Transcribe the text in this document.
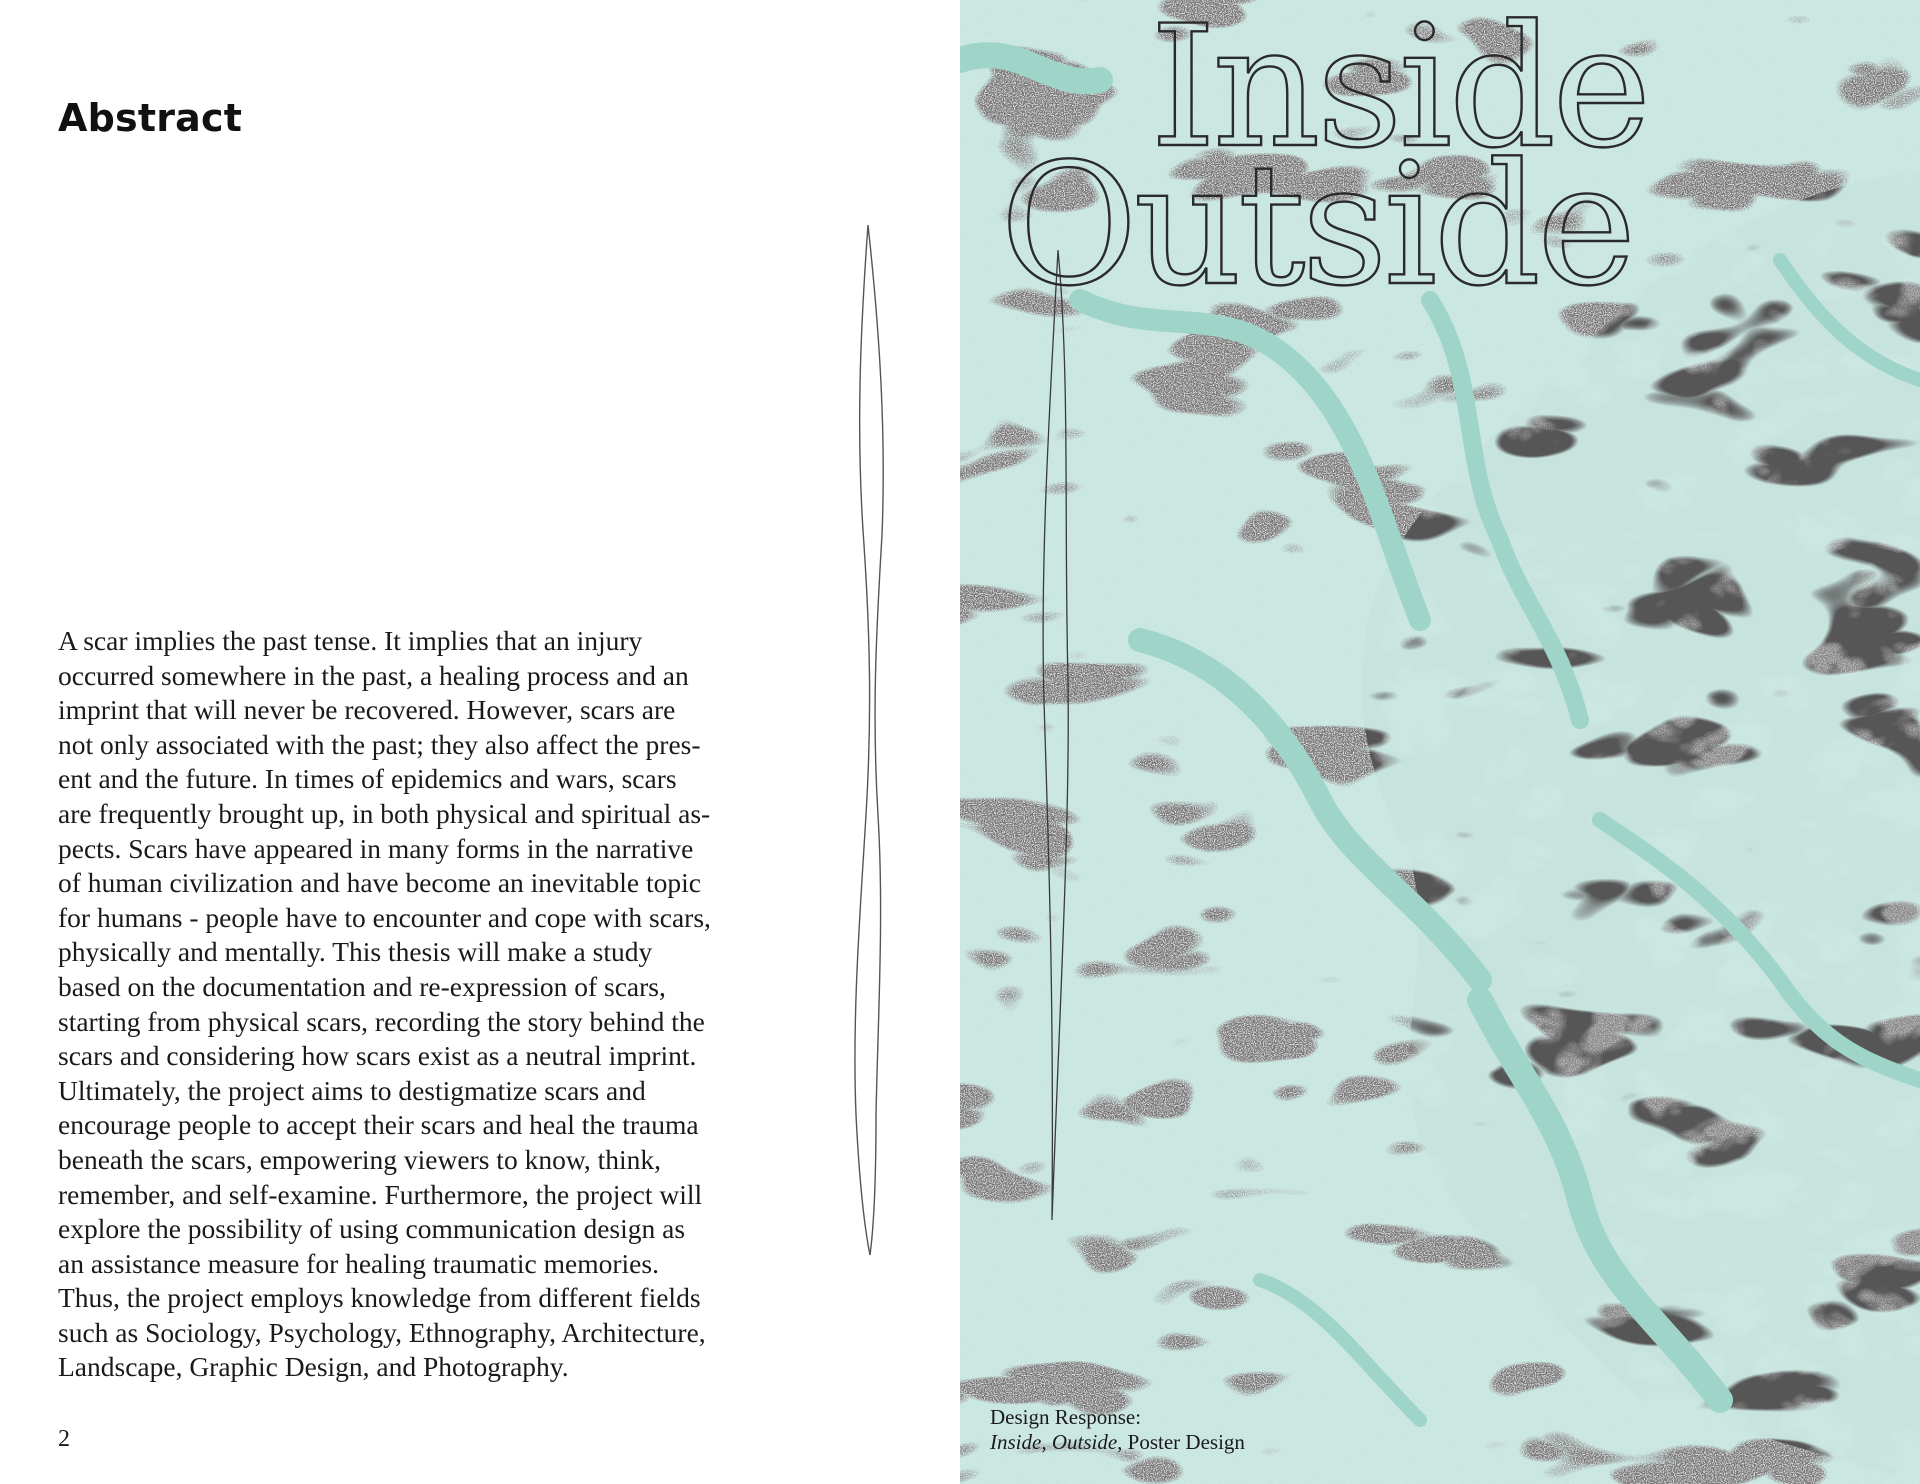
Abstract

A scar implies the past tense. It implies that an injury
occurred somewhere in the past, a healing process and an
imprint that will never be recovered. However, scars are
not only associated with the past; they also affect the pres-
ent and the future. In times of epidemics and wars, scars
are frequently brought up, in both physical and spiritual as-
pects. Scars have appeared in many forms in the narrative
of human civilization and have become an inevitable topic
for humans - people have to encounter and cope with scars,
physically and mentally. This thesis will make a study
based on the documentation and re-expression of scars,
starting from physical scars, recording the story behind the
scars and considering how scars exist as a neutral imprint.
Ultimately, the project aims to destigmatize scars and
encourage people to accept their scars and heal the trauma
beneath the scars, empowering viewers to know, think,
remember, and self-examine. Furthermore, the project will
explore the possibility of using communication design as
an assistance measure for healing traumatic memories.
Thus, the project employs knowledge from different fields
such as Sociology, Psychology, Ethnography, Architecture,
Landscape, Graphic Design, and Photography.

2
Inside
Outside
Design Response:
Inside, Outside, Poster Design
